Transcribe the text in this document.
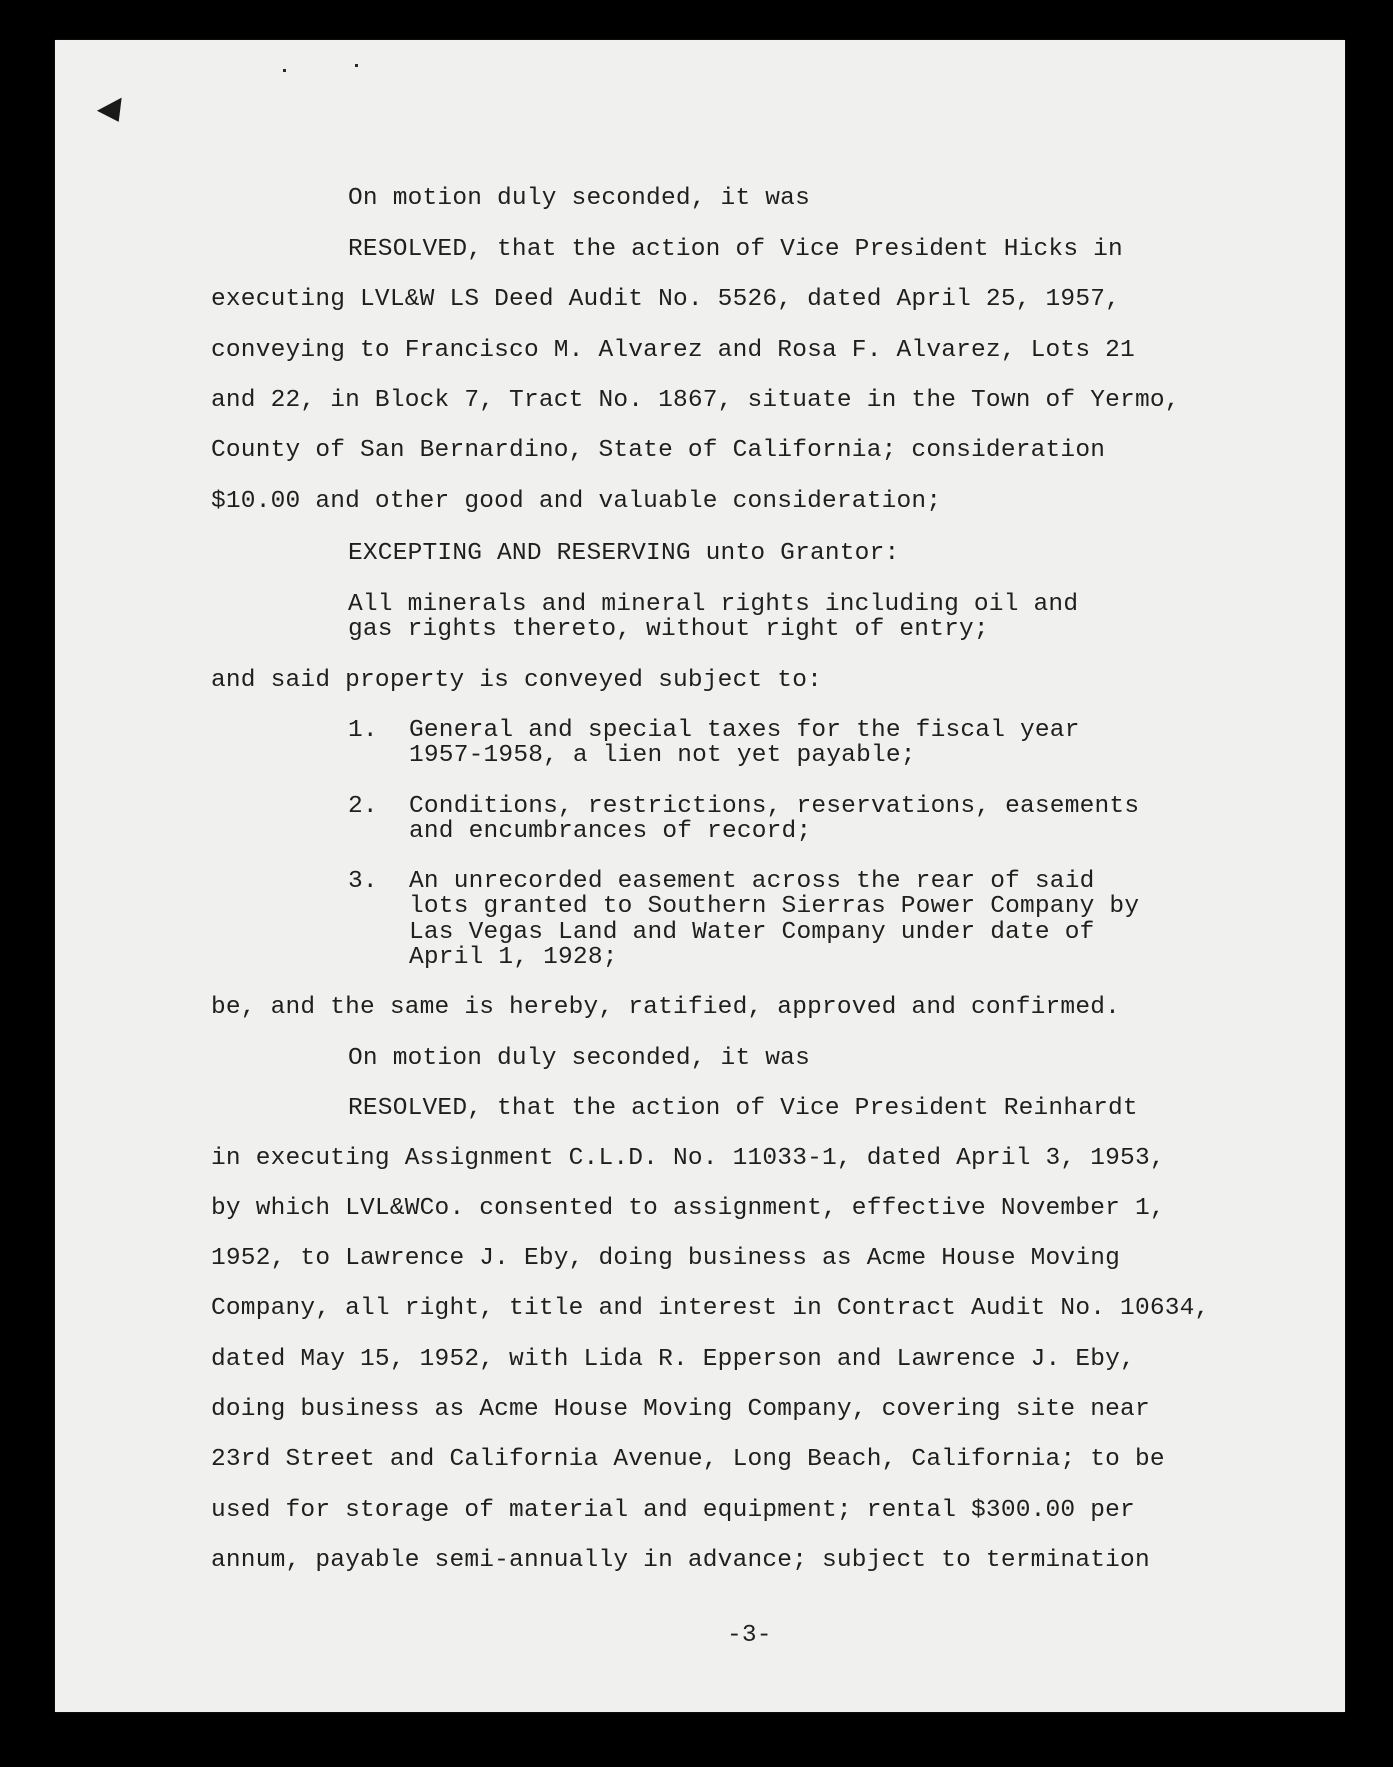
On motion duly seconded, it was
RESOLVED, that the action of Vice President Hicks in
executing LVL&W LS Deed Audit No. 5526, dated April 25, 1957,
conveying to Francisco M. Alvarez and Rosa F. Alvarez, Lots 21
and 22, in Block 7, Tract No. 1867, situate in the Town of Yermo,
County of San Bernardino, State of California; consideration
$10.00 and other good and valuable consideration;
EXCEPTING AND RESERVING unto Grantor:
All minerals and mineral rights including oil and
gas rights thereto, without right of entry;
and said property is conveyed subject to:
1. General and special taxes for the fiscal year
1957-1958, a lien not yet payable;
2. Conditions, restrictions, reservations, easements
and encumbrances of record;
3. An unrecorded easement across the rear of said
lots granted to Southern Sierras Power Company by
Las Vegas Land and Water Company under date of
April 1, 1928;
be, and the same is hereby, ratified, approved and confirmed.
On motion duly seconded, it was
RESOLVED, that the action of Vice President Reinhardt
in executing Assignment C.L.D. No. 11033-1, dated April 3, 1953,
by which LVL&WCo. consented to assignment, effective November 1,
1952, to Lawrence J. Eby, doing business as Acme House Moving
Company, all right, title and interest in Contract Audit No. 10634,
dated May 15, 1952, with Lida R. Epperson and Lawrence J. Eby,
doing business as Acme House Moving Company, covering site near
23rd Street and California Avenue, Long Beach, California; to be
used for storage of material and equipment; rental $300.00 per
annum, payable semi-annually in advance; subject to termination
-3-
